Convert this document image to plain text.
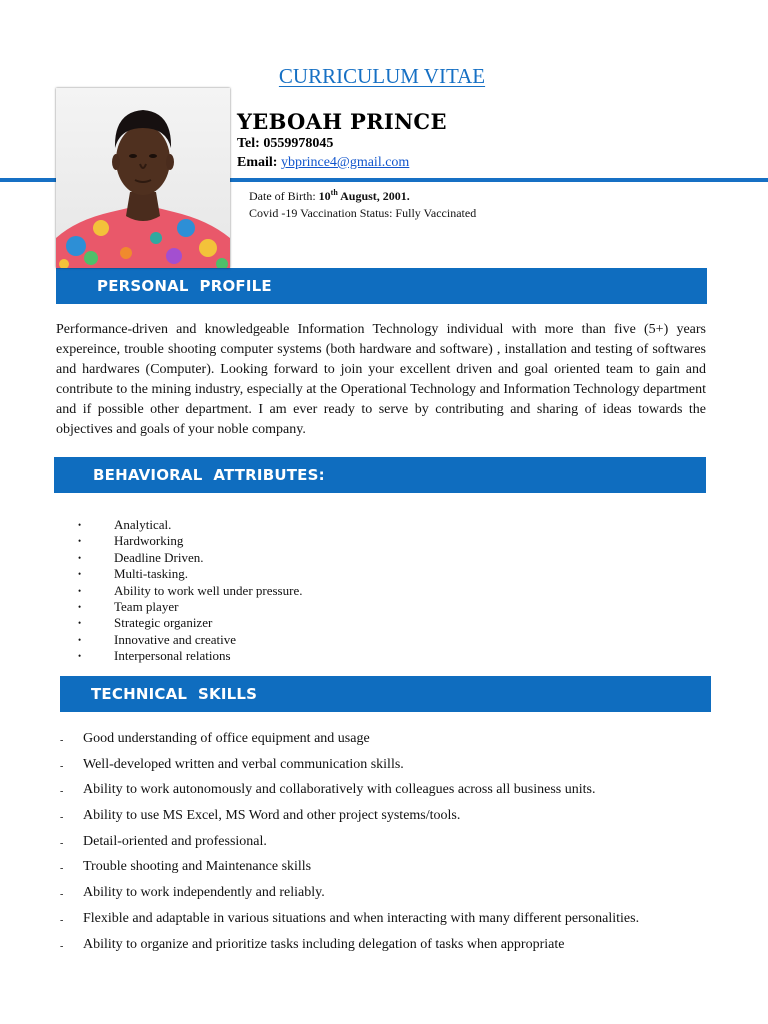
CURRICULUM VITAE
YEBOAH PRINCE
Tel: 0559978045
Email: ybprince4@gmail.com
Date of Birth: 10th August, 2001.
Covid -19 Vaccination Status: Fully Vaccinated
PERSONAL  PROFILE

Performance-driven and knowledgeable Information Technology individual with more than five (5+) years expereince, trouble shooting computer systems (both hardware and software) , installation and testing of softwares and hardwares (Computer). Looking forward to join your excellent driven and goal oriented team to gain and contribute to the mining industry, especially at the Operational Technology and Information Technology department and if possible other department. I am ever ready to serve by contributing and sharing of ideas towards the objectives and goals of your noble company.

BEHAVIORAL  ATTRIBUTES:
•	Analytical.
•	Hardworking
•	Deadline Driven.
•	Multi-tasking.
•	Ability to work well under pressure.
•	Team player
•	Strategic organizer
•	Innovative and creative
•	Interpersonal relations
TECHNICAL  SKILLS
- Good understanding of office equipment and usage
- Well-developed written and verbal communication skills.
- Ability to work autonomously and collaboratively with colleagues across all business units.
- Ability to use MS Excel, MS Word and other project systems/tools.
- Detail-oriented and professional.
- Trouble shooting and Maintenance skills
- Ability to work independently and reliably.
- Flexible and adaptable in various situations and when interacting with many different personalities.
- Ability to organize and prioritize tasks including delegation of tasks when appropriate
